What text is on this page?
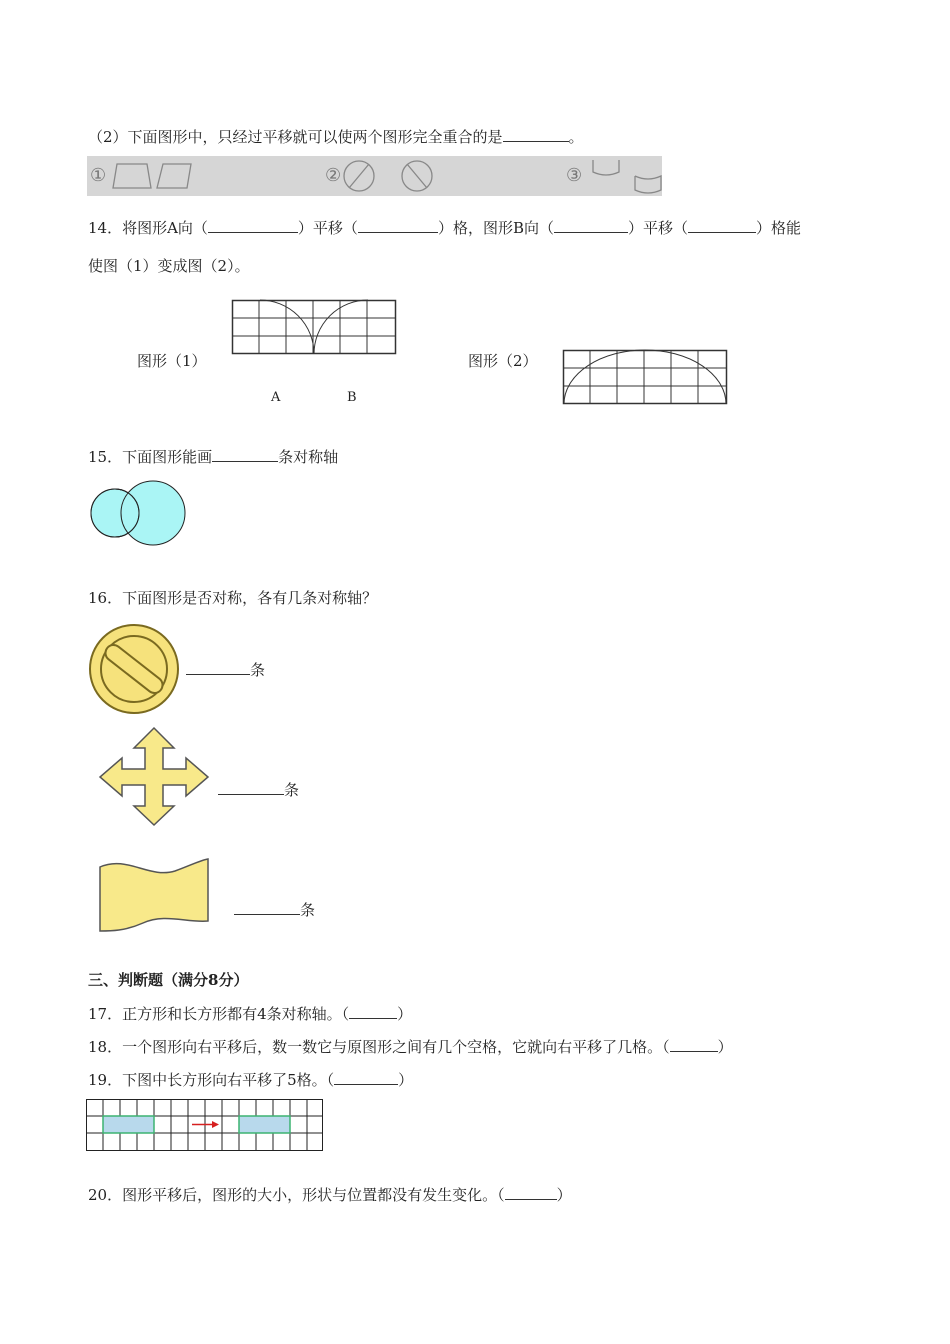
（2）下面图形中，只经过平移就可以使两个图形完全重合的是	。
①	②	③
14．将图形A向（	）平移（	）格，图形B向（	）平移（	）格能
使图（1）变成图（2）。
图形（1）	图形（2）
A	B
15．下面图形能画	条对称轴
16．下面图形是否对称，各有几条对称轴？
条
条
条
三、判断题（满分8分）
17．正方形和长方形都有4条对称轴。（	）
18．一个图形向右平移后，数一数它与原图形之间有几个空格，它就向右平移了几格。（	）
19．下图中长方形向右平移了5格。（	）
20．图形平移后，图形的大小，形状与位置都没有发生变化。（	）
